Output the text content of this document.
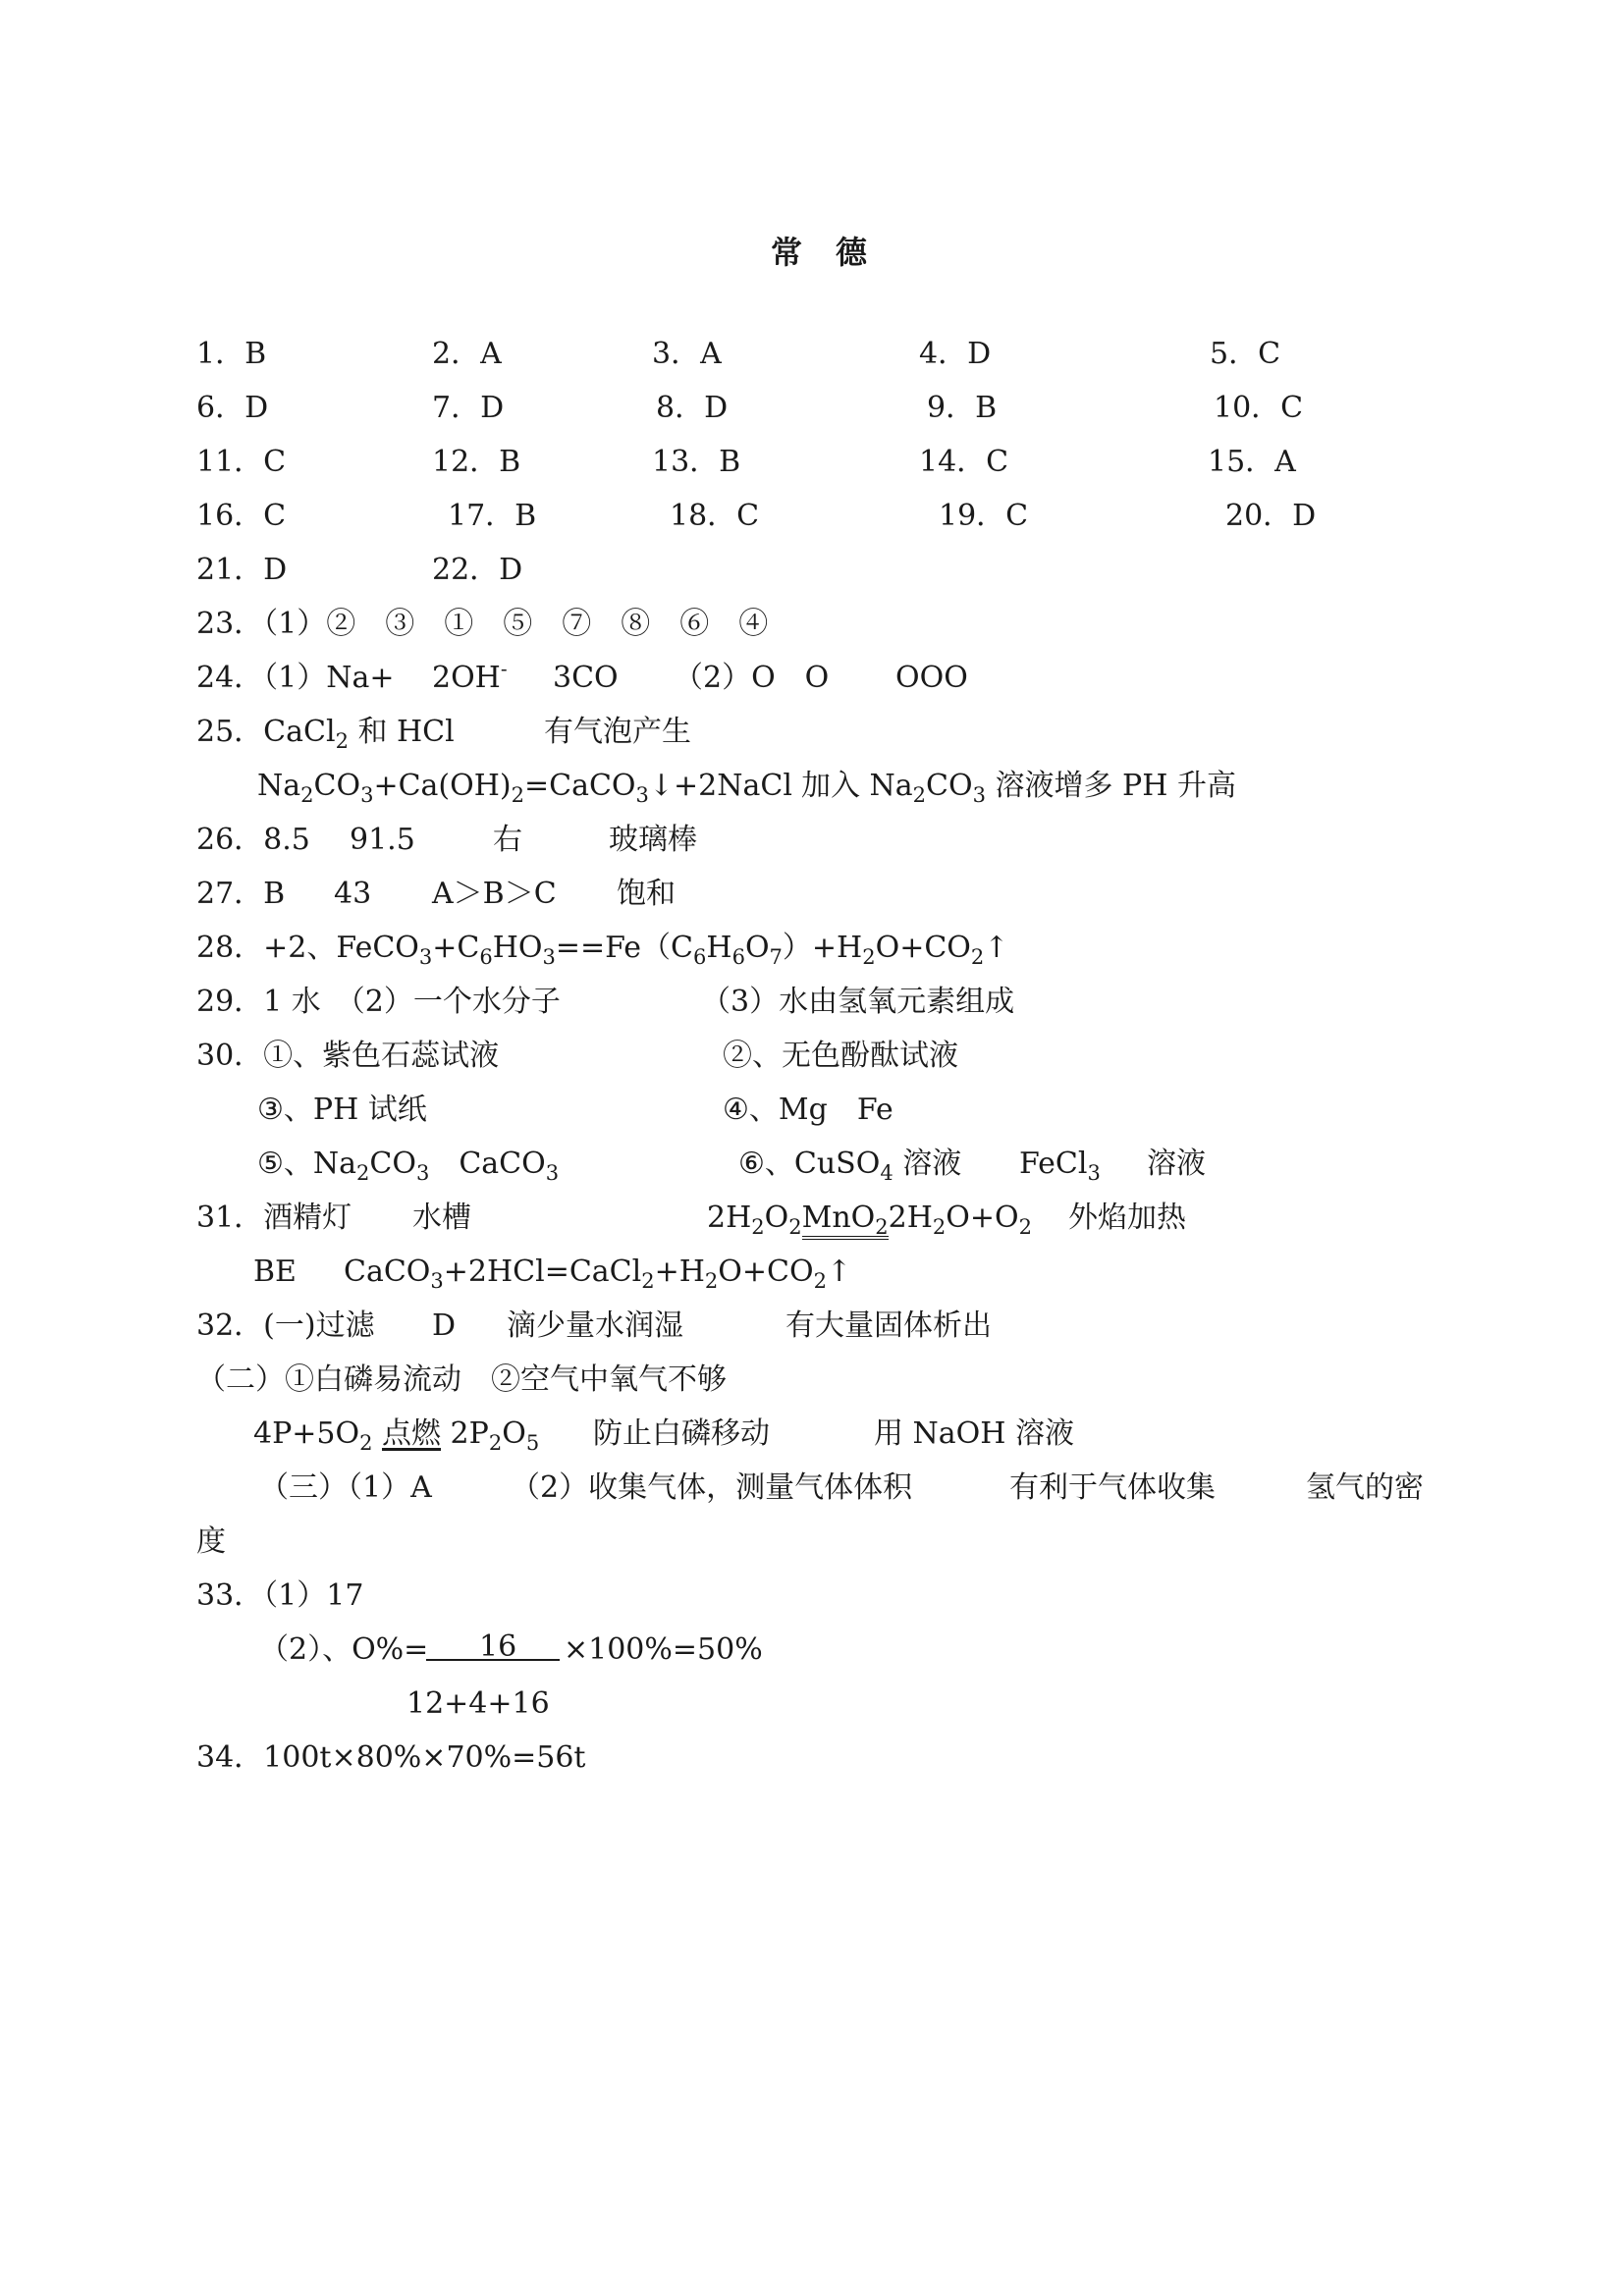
常德
1．B	2．A	3．A	4．D	5．C
6．D	7．D	8．D	9．B	10．C
11．C	12．B	13．B	14．C	15．A
16．C	17．B	18．C	19．C	20．D
21．D	22．D
23．（1）②　③　①　⑤　⑦　⑧　⑥　④
24．（1）Na+ 2OH- 3CO （2）O　O OOO
25．CaCl$_2$ 和 HCl	有气泡产生
$Na_2CO_3+Ca(OH)_2=CaCO_3↓+2NaCl$ 加入 $Na_2CO_3$ 溶液增多 PH 升高
26．8.5 91.5	右	玻璃棒
27．B 43 A＞B＞C 饱和
28．+2、$FeCO_3+C_6HO_3==Fe(C_6H_6O_7)+H_2O+CO_2↑$
29．1 水　（2）一个水分子	（3）水由氢氧元素组成
30．①、紫色石蕊试液	②、无色酚酞试液
③、PH 试纸	④、Mg　Fe
⑤、$Na_2CO_3$　CaCO$_3$	⑥、CuSO$_4$ 溶液 FeCl$_3$ 溶液
31．酒精灯 水槽	$2H_2O_2MnO_22H_2O+O_2$ 外焰加热
BE $CaCO_3+2HCl=CaCl_2+H_2O+CO_2↑$
32．(一)过滤 D 滴少量水润湿	有大量固体析出
（二）①白磷易流动　②空气中氧气不够
$4P+5O_2$ 点燃 $2P_2O_5$ 防止白磷移动	用 NaOH 溶液
（三）（1）A	（2）收集气体，测量气体体积	有利于气体收集	氢气的密
度
33．（1）17
（2）、O%= 16 ×100%=50%
12+4+16
34．100t×80%×70%=56t
